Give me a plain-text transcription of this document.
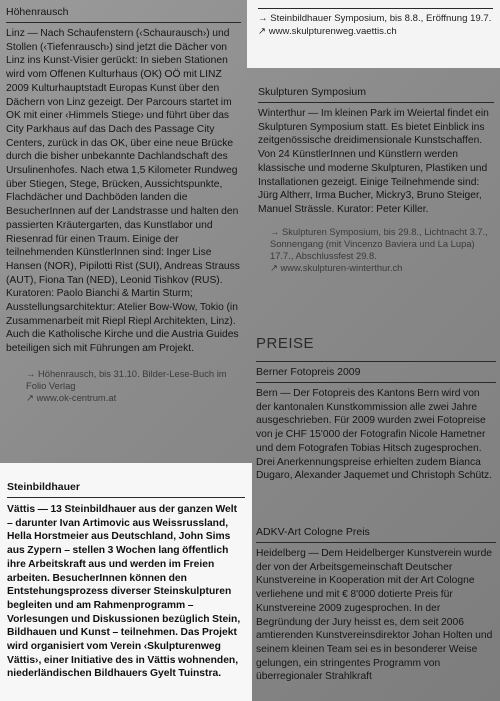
Höhenrausch

Linz — Nach Schaufenstern (‹Schaurausch›) und Stollen (‹Tiefenrausch›) sind jetzt die Dächer von Linz ins Kunst-Visier gerückt: In sieben Stationen wird vom Offenen Kulturhaus (OK) OÖ mit LINZ 2009 Kulturhauptstadt Europas Kunst über den Dächern von Linz gezeigt. Der Parcours startet im OK mit einer ‹Himmels Stiege› und führt über das City Parkhaus auf das Dach des Passage City Centers, zurück in das OK, über eine neue Brücke durch die bisher unbekannte Dachlandschaft des Ursulinenhofes. Nach etwa 1,5 Kilometer Rundweg über Stiegen, Stege, Brücken, Aussichtspunkte, Flachdächer und Dachböden landen die BesucherInnen auf der Landstrasse und halten den passierten Kräutergarten, das Kunstlabor und Riesenrad für einen Traum. Einige der teilnehmenden KünstlerInnen sind: Inger Lise Hansen (NOR), Pipilotti Rist (SUI), Andreas Strauss (AUT), Fiona Tan (NED), Leonid Tishkov (RUS). Kuratoren: Paolo Bianchi & Martin Sturm; Ausstellungsarchitektur: Atelier Bow-Wow, Tokio (in Zusammenarbeit mit Riepl Riepl Architekten, Linz). Auch die Katholische Kirche und die Austria Guides beteiligen sich mit Führungen am Projekt.

→ Höhenrausch, bis 31.10. Bilder-Lese-Buch im Folio Verlag
↗ www.ok-centrum.at
→ Steinbildhauer Symposium, bis 8.8., Eröffnung 19.7.
↗ www.skulpturenweg.vaettis.ch
Skulpturen Symposium
Winterthur — Im kleinen Park im Weiertal findet ein Skulpturen Symposium statt. Es bietet Einblick ins zeitgenössische dreidimensionale Kunstschaffen. Von 24 KünstlerInnen und Künstlern werden klassische und moderne Skulpturen, Plastiken und Installationen gezeigt. Einige Teilnehmende sind: Jürg Altherr, Irma Bucher, Mickry3, Bruno Steiger, Manuel Strässle. Kurator: Peter Killer.
→ Skulpturen Symposium, bis 29.8., Lichtnacht 3.7., Sonnengang (mit Vincenzo Baviera und La Lupa) 17.7., Abschlussfest 29.8.
↗ www.skulpturen-winterthur.ch
PREISE
Berner Fotopreis 2009
Bern — Der Fotopreis des Kantons Bern wird von der kantonalen Kunstkommission alle zwei Jahre ausgeschrieben. Für 2009 wurden zwei Fotopreise von je CHF 15'000 der Fotografin Nicole Hametner und dem Fotografen Tobias Hitsch zugesprochen. Drei Anerkennungspreise erhielten zudem Bianca Dugaro, Alexander Jaquemet und Christoph Schütz.
ADKV-Art Cologne Preis
Heidelberg — Dem Heidelberger Kunstverein wurde der von der Arbeitsgemeinschaft Deutscher Kunstvereine in Kooperation mit der Art Cologne verliehene und mit € 8'000 dotierte Preis für Kunstvereine 2009 zugesprochen. In der Begründung der Jury heisst es, dem seit 2006 amtierenden Kunstvereinsdirektor Johan Holten und seinem kleinen Team sei es in besonderer Weise gelungen, ein stringentes Programm von überregionaler Strahlkraft
Steinbildhauer
Vättis — 13 Steinbildhauer aus der ganzen Welt – darunter Ivan Artimovic aus Weissrussland, Hella Horstmeier aus Deutschland, John Sims aus Zypern – stellen 3 Wochen lang öffentlich ihre Arbeitskraft aus und werden im Freien arbeiten. BesucherInnen können den Entstehungsprozess diverser Steinskulpturen begleiten und am Rahmenprogramm – Vorlesungen und Diskussionen bezüglich Stein, Bildhauen und Kunst – teilnehmen. Das Projekt wird organisiert vom Verein ‹Skulpturenweg Vättis›, einer Initiative des in Vättis wohnenden, niederländischen Bildhauers Gyelt Tuinstra.
